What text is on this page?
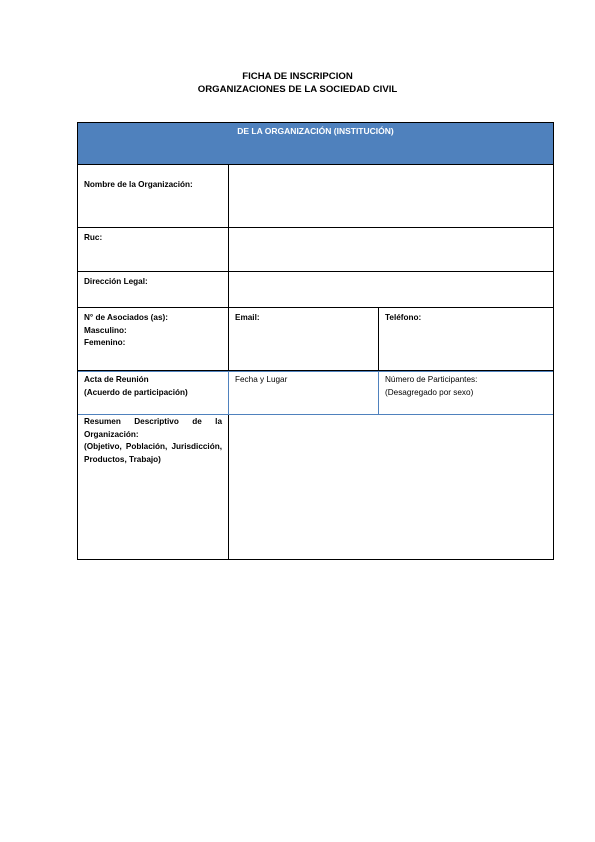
FICHA DE INSCRIPCION
ORGANIZACIONES DE LA SOCIEDAD CIVIL
DE LA ORGANIZACIÓN (INSTITUCIÓN)
Nombre de la Organización:
Ruc:
Dirección Legal:
N° de Asociados (as):
Masculino:
Femenino:
Email:	Teléfono:
Acta de Reunión
(Acuerdo de participación)
Fecha y Lugar	Número de Participantes:
(Desagregado por sexo)
Resumen Descriptivo de la
Organización:
(Objetivo, Población, Jurisdicción,
Productos, Trabajo)
